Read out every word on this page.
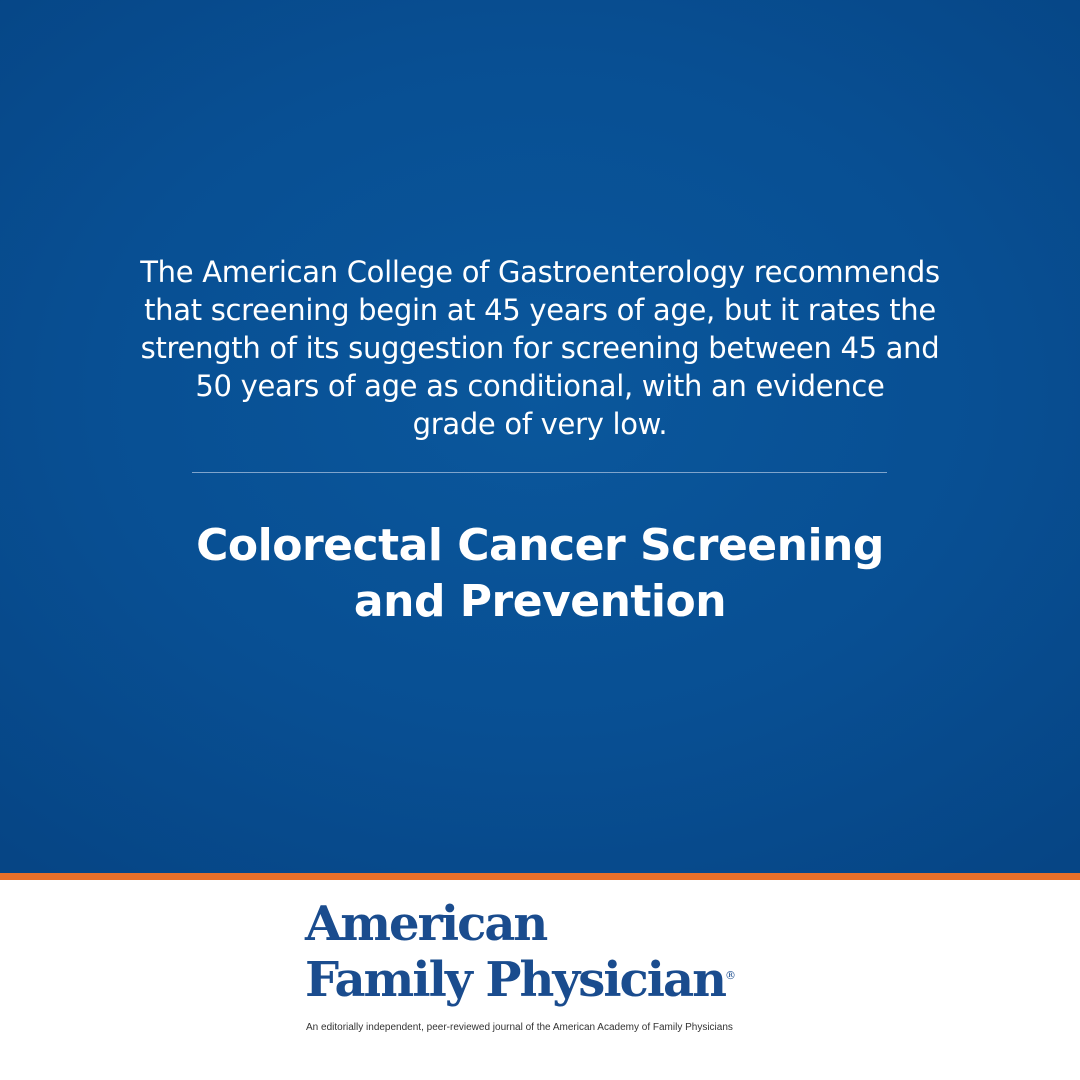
The American College of Gastroenterology recommends
that screening begin at 45 years of age, but it rates the
strength of its suggestion for screening between 45 and
50 years of age as conditional, with an evidence
grade of very low.

Colorectal Cancer Screening
and Prevention
American
Family Physician®

An editorially independent, peer-reviewed journal of the American Academy of Family Physicians
